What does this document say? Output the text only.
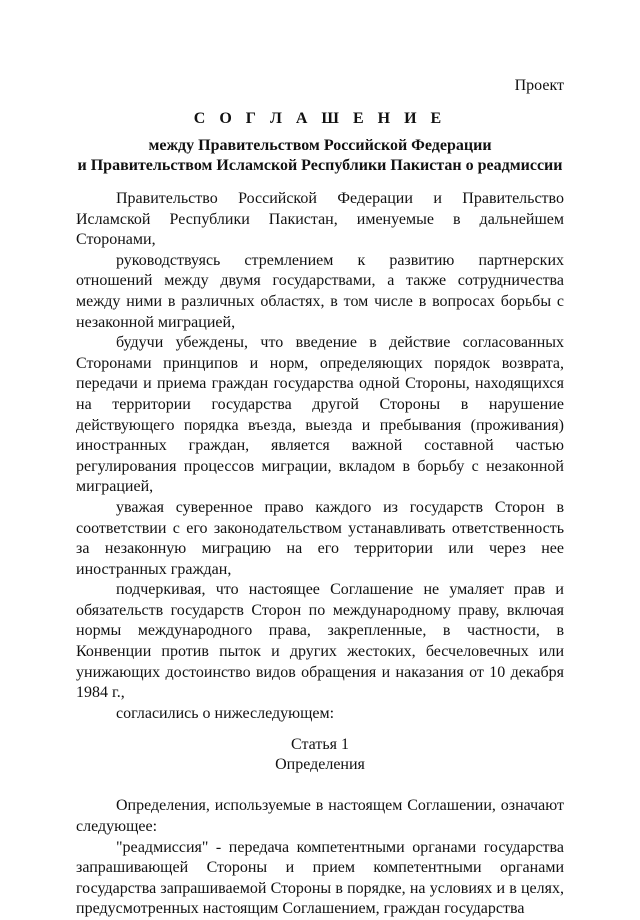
Проект
С О Г Л А Ш Е Н И Е
между Правительством Российской Федерации
и Правительством Исламской Республики Пакистан о реадмиссии

Правительство Российской Федерации и Правительство Исламской Республики Пакистан, именуемые в дальнейшем Сторонами,

руководствуясь стремлением к развитию партнерских отношений между двумя государствами, а также сотрудничества между ними в различных областях, в том числе в вопросах борьбы с незаконной миграцией,

будучи убеждены, что введение в действие согласованных Сторонами принципов и норм, определяющих порядок возврата, передачи и приема граждан государства одной Стороны, находящихся на территории государства другой Стороны в нарушение действующего порядка въезда, выезда и пребывания (проживания) иностранных граждан, является важной составной частью регулирования процессов миграции, вкладом в борьбу с незаконной миграцией,

уважая суверенное право каждого из государств Сторон в соответствии с его законодательством устанавливать ответственность за незаконную миграцию на его территории или через нее иностранных граждан,

подчеркивая, что настоящее Соглашение не умаляет прав и обязательств государств Сторон по международному праву, включая нормы международного права, закрепленные, в частности, в Конвенции против пыток и других жестоких, бесчеловечных или унижающих достоинство видов обращения и наказания от 10 декабря 1984 г.,

согласились о нижеследующем:

Статья 1
Определения

Определения, используемые в настоящем Соглашении, означают следующее:

"реадмиссия" - передача компетентными органами государства запрашивающей Стороны и прием компетентными органами государства запрашиваемой Стороны в порядке, на условиях и в целях, предусмотренных настоящим Соглашением, граждан государства
